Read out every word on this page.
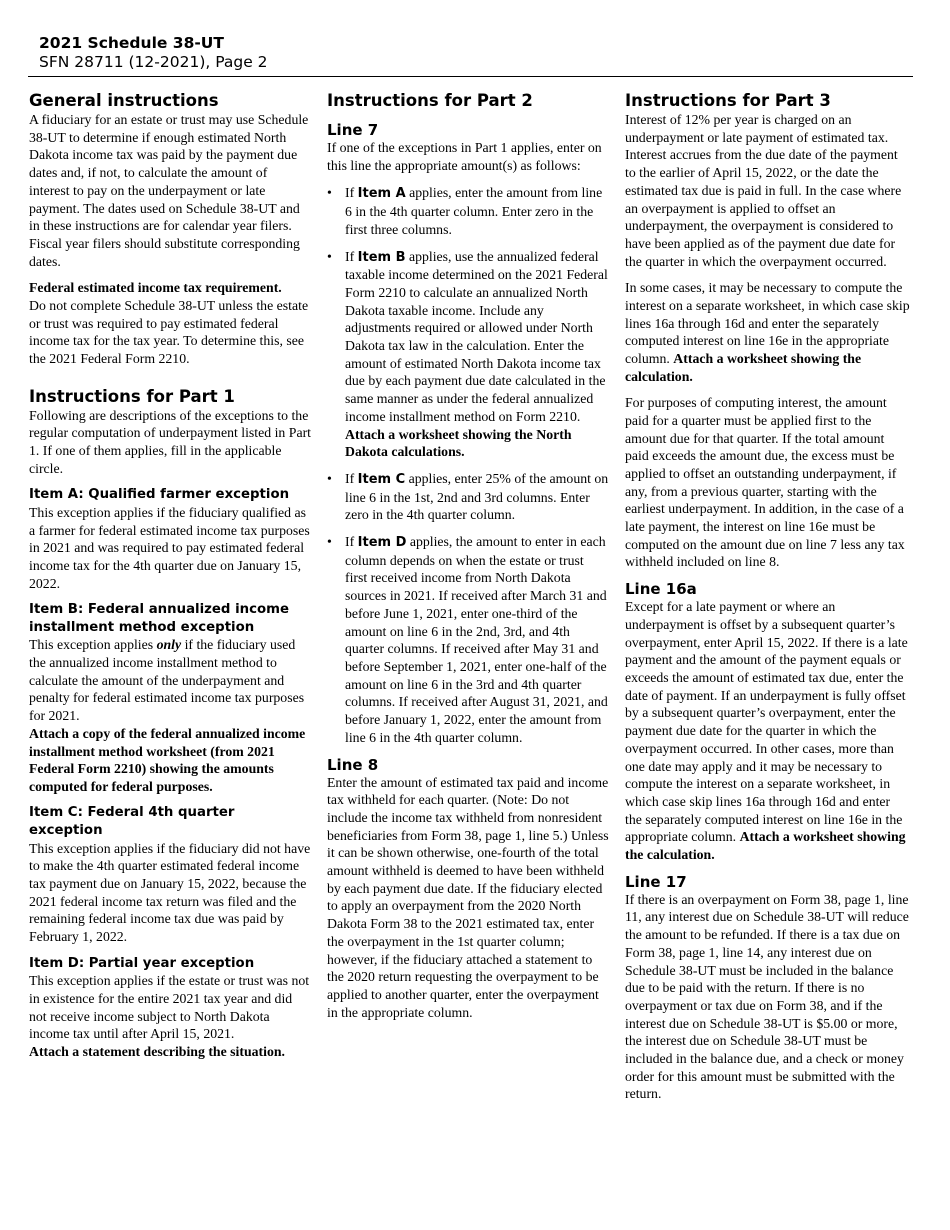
2021 Schedule 38-UT
SFN 28711 (12-2021), Page 2
General instructions

A fiduciary for an estate or trust may use Schedule 38-UT to determine if enough estimated North Dakota income tax was paid by the payment due dates and, if not, to calculate the amount of interest to pay on the underpayment or late payment. The dates used on Schedule 38-UT and in these instructions are for calendar year filers. Fiscal year filers should substitute corresponding dates.

Federal estimated income tax requirement.
Do not complete Schedule 38-UT unless the estate or trust was required to pay estimated federal income tax for the tax year. To determine this, see the 2021 Federal Form 2210.

Instructions for Part 1

Following are descriptions of the exceptions to the regular computation of underpayment listed in Part 1. If one of them applies, fill in the applicable circle.

Item A: Qualified farmer exception

This exception applies if the fiduciary qualified as a farmer for federal estimated income tax purposes in 2021 and was required to pay estimated federal income tax for the 4th quarter due on January 15, 2022.

Item B: Federal annualized income installment method exception

This exception applies only if the fiduciary used the annualized income installment method to calculate the amount of the underpayment and penalty for federal estimated income tax purposes for 2021.
Attach a copy of the federal annualized income installment method worksheet (from 2021 Federal Form 2210) showing the amounts computed for federal purposes.

Item C: Federal 4th quarter exception

This exception applies if the fiduciary did not have to make the 4th quarter estimated federal income tax payment due on January 15, 2022, because the 2021 federal income tax return was filed and the remaining federal income tax due was paid by February 1, 2022.

Item D: Partial year exception

This exception applies if the estate or trust was not in existence for the entire 2021 tax year and did not receive income subject to North Dakota income tax until after April 15, 2021.
Attach a statement describing the situation.

Instructions for Part 2
Line 7

If one of the exceptions in Part 1 applies, enter on this line the appropriate amount(s) as follows:

• If Item A applies, enter the amount from line 6 in the 4th quarter column. Enter zero in the first three columns.
• If Item B applies, use the annualized federal taxable income determined on the 2021 Federal Form 2210 to calculate an annualized North Dakota taxable income. Include any adjustments required or allowed under North Dakota tax law in the calculation. Enter the amount of estimated North Dakota income tax due by each payment due date calculated in the same manner as under the federal annualized income installment method on Form 2210. Attach a worksheet showing the North Dakota calculations.
• If Item C applies, enter 25% of the amount on line 6 in the 1st, 2nd and 3rd columns. Enter zero in the 4th quarter column.
• If Item D applies, the amount to enter in each column depends on when the estate or trust first received income from North Dakota sources in 2021. If received after March 31 and before June 1, 2021, enter one-third of the amount on line 6 in the 2nd, 3rd, and 4th quarter columns. If received after May 31 and before September 1, 2021, enter one-half of the amount on line 6 in the 3rd and 4th quarter columns. If received after August 31, 2021, and before January 1, 2022, enter the amount from line 6 in the 4th quarter column.
Line 8

Enter the amount of estimated tax paid and income tax withheld for each quarter. (Note: Do not include the income tax withheld from nonresident beneficiaries from Form 38, page 1, line 5.) Unless it can be shown otherwise, one-fourth of the total amount withheld is deemed to have been withheld by each payment due date. If the fiduciary elected to apply an overpayment from the 2020 North Dakota Form 38 to the 2021 estimated tax, enter the overpayment in the 1st quarter column; however, if the fiduciary attached a statement to the 2020 return requesting the overpayment to be applied to another quarter, enter the overpayment in the appropriate column.

Instructions for Part 3

Interest of 12% per year is charged on an underpayment or late payment of estimated tax. Interest accrues from the due date of the payment to the earlier of April 15, 2022, or the date the estimated tax due is paid in full. In the case where an overpayment is applied to offset an underpayment, the overpayment is considered to have been applied as of the payment due date for the quarter in which the overpayment occurred.

In some cases, it may be necessary to compute the interest on a separate worksheet, in which case skip lines 16a through 16d and enter the separately computed interest on line 16e in the appropriate column. Attach a worksheet showing the calculation.

For purposes of computing interest, the amount paid for a quarter must be applied first to the amount due for that quarter. If the total amount paid exceeds the amount due, the excess must be applied to offset an outstanding underpayment, if any, from a previous quarter, starting with the earliest underpayment. In addition, in the case of a late payment, the interest on line 16e must be computed on the amount due on line 7 less any tax withheld included on line 8.

Line 16a

Except for a late payment or where an underpayment is offset by a subsequent quarter’s overpayment, enter April 15, 2022. If there is a late payment and the amount of the payment equals or exceeds the amount of estimated tax due, enter the date of payment. If an underpayment is fully offset by a subsequent quarter’s overpayment, enter the payment due date for the quarter in which the overpayment occurred. In other cases, more than one date may apply and it may be necessary to compute the interest on a separate worksheet, in which case skip lines 16a through 16d and enter the separately computed interest on line 16e in the appropriate column. Attach a worksheet showing the calculation.

Line 17

If there is an overpayment on Form 38, page 1, line 11, any interest due on Schedule 38-UT will reduce the amount to be refunded. If there is a tax due on Form 38, page 1, line 14, any interest due on Schedule 38-UT must be included in the balance due to be paid with the return. If there is no overpayment or tax due on Form 38, and if the interest due on Schedule 38-UT is $5.00 or more, the interest due on Schedule 38-UT must be included in the balance due, and a check or money order for this amount must be submitted with the return.
